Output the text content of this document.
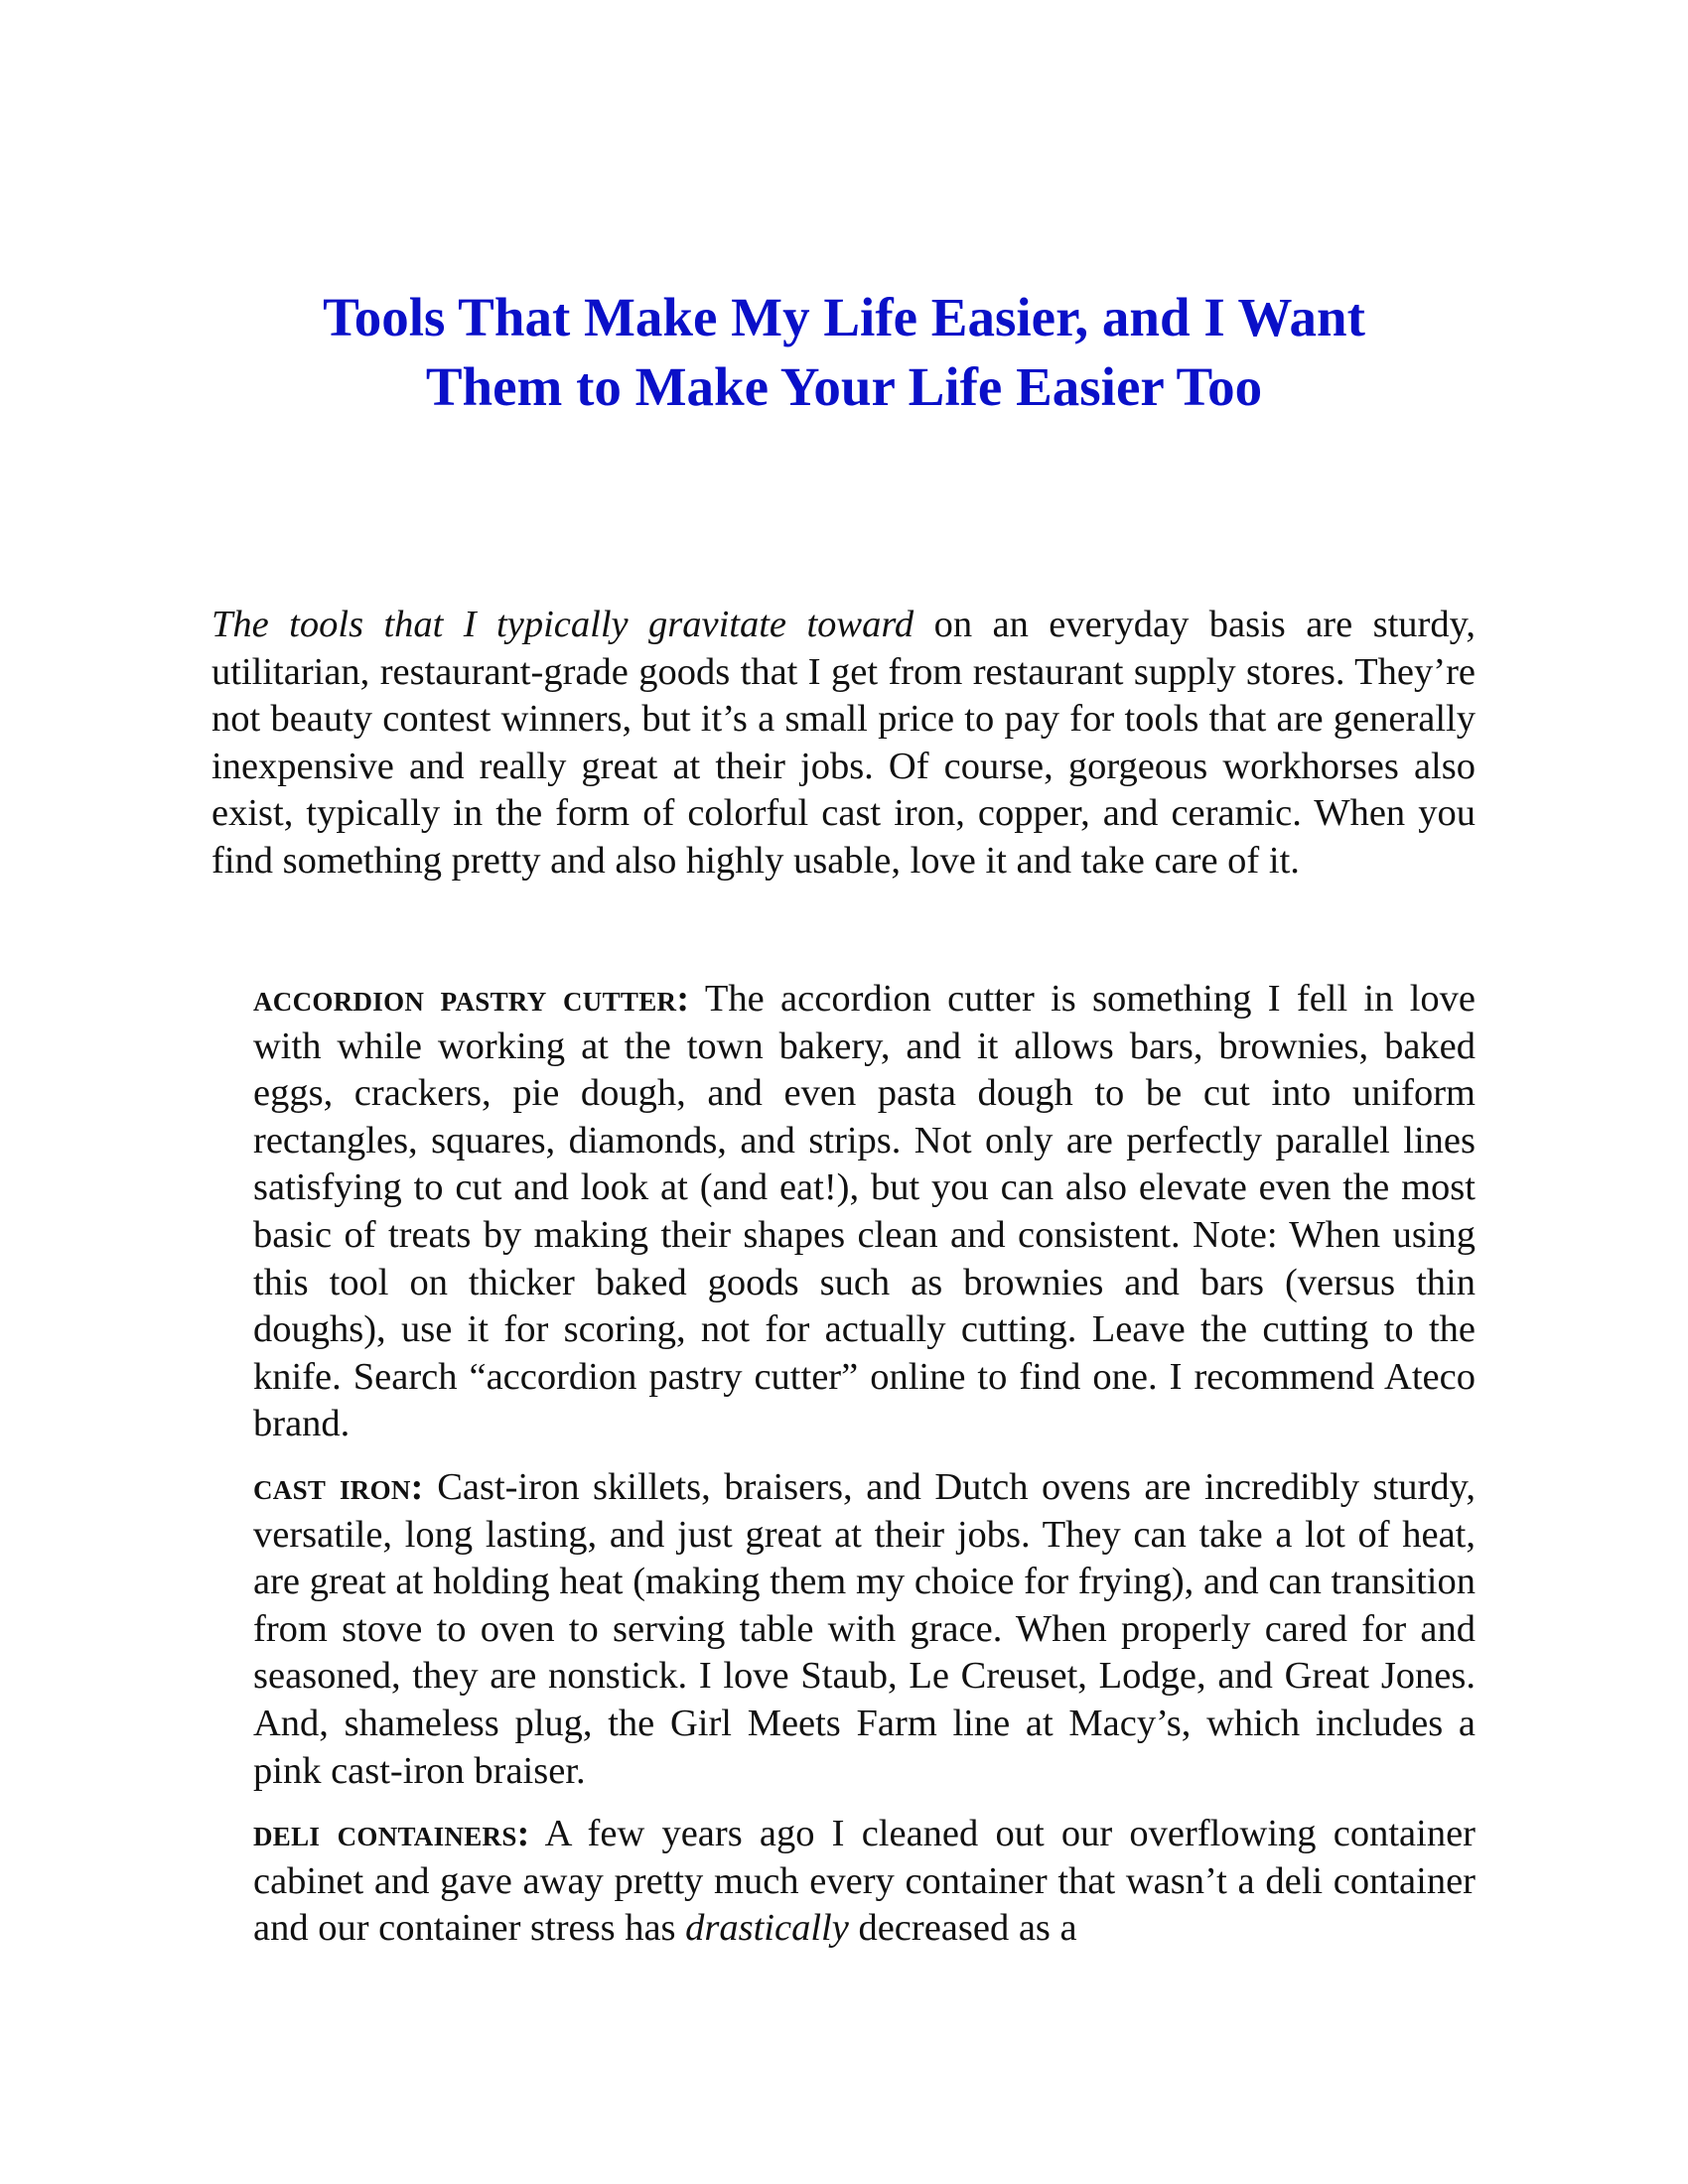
Tools That Make My Life Easier, and I Want
Them to Make Your Life Easier Too

The tools that I typically gravitate toward on an everyday basis are sturdy, utilitarian, restaurant-grade goods that I get from restaurant supply stores. They’re not beauty contest winners, but it’s a small price to pay for tools that are generally inexpensive and really great at their jobs. Of course, gorgeous workhorses also exist, typically in the form of colorful cast iron, copper, and ceramic. When you find something pretty and also highly usable, love it and take care of it.

accordion pastry cutter: The accordion cutter is something I fell in love with while working at the town bakery, and it allows bars, brownies, baked eggs, crackers, pie dough, and even pasta dough to be cut into uniform rectangles, squares, diamonds, and strips. Not only are perfectly parallel lines satisfying to cut and look at (and eat!), but you can also elevate even the most basic of treats by making their shapes clean and consistent. Note: When using this tool on thicker baked goods such as brownies and bars (versus thin doughs), use it for scoring, not for actually cutting. Leave the cutting to the knife. Search “accordion pastry cutter” online to find one. I recommend Ateco brand.

cast iron: Cast-iron skillets, braisers, and Dutch ovens are incredibly sturdy, versatile, long lasting, and just great at their jobs. They can take a lot of heat, are great at holding heat (making them my choice for frying), and can transition from stove to oven to serving table with grace. When properly cared for and seasoned, they are nonstick. I love Staub, Le Creuset, Lodge, and Great Jones. And, shameless plug, the Girl Meets Farm line at Macy’s, which includes a pink cast-iron braiser.

deli containers: A few years ago I cleaned out our overflowing container cabinet and gave away pretty much every container that wasn’t a deli container and our container stress has drastically decreased as a
